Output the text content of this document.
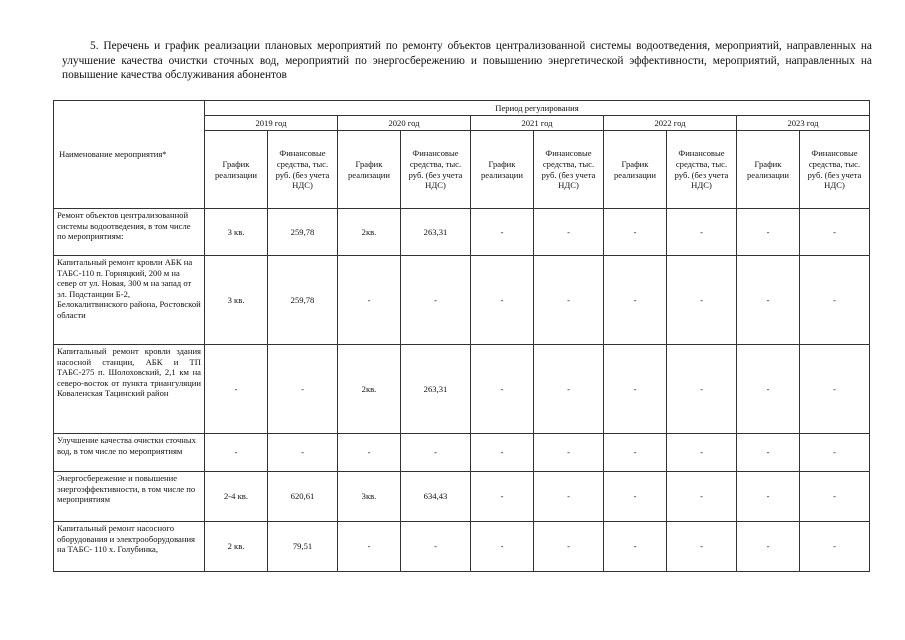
5. Перечень и график реализации плановых мероприятий по ремонту объектов централизованной системы водоотведения, мероприятий, направленных на улучшение качества очистки сточных вод, мероприятий по энергосбережению и повышению энергетической эффективности, мероприятий, направленных на повышение качества обслуживания абонентов
Наименование мероприятия*	Период регулирования									
	2019 год		2020 год		2021 год		2022 год		2023 год	
	График реализации	Финансовые средства, тыс. руб. (без учета НДС)	График реализации	Финансовые средства, тыс. руб. (без учета НДС)	График реализации	Финансовые средства, тыс. руб. (без учета НДС)	График реализации	Финансовые средства, тыс. руб. (без учета НДС)	График реализации	Финансовые средства, тыс. руб. (без учета НДС)
Ремонт объектов централизованной системы водоотведения, в том числе по мероприятиям:	3 кв.	259,78	2кв.	263,31	-	-	-	-	-	-
Капитальный ремонт кровли АБК на ТАБС-110 п. Горняцкий, 200 м на север от ул. Новая, 300 м на запад от эл. Подстанции Б-2, Белокалитвинского района, Ростовской области	3 кв.	259,78	-	-	-	-	-	-	-	-
Капитальный ремонт кровли здания насосной станции, АБК и ТП ТАБС-275 п. Шолоховский, 2,1 км на северо-восток от пункта триангуляции Коваленская Тацинский район	-	-	2кв.	263,31	-	-	-	-	-	-
Улучшение качества очистки сточных вод, в том числе по мероприятиям	-	-	-	-	-	-	-	-	-	-
Энергосбережение и повышение энергоэффективности, в том числе по мероприятиям	2-4 кв.	620,61	3кв.	634,43	-	-	-	-	-	-
Капитальный ремонт насосного оборудования и электрооборудования на ТАБС- 110 х. Голубинка,	2 кв.	79,51	-	-	-	-	-	-	-	-
